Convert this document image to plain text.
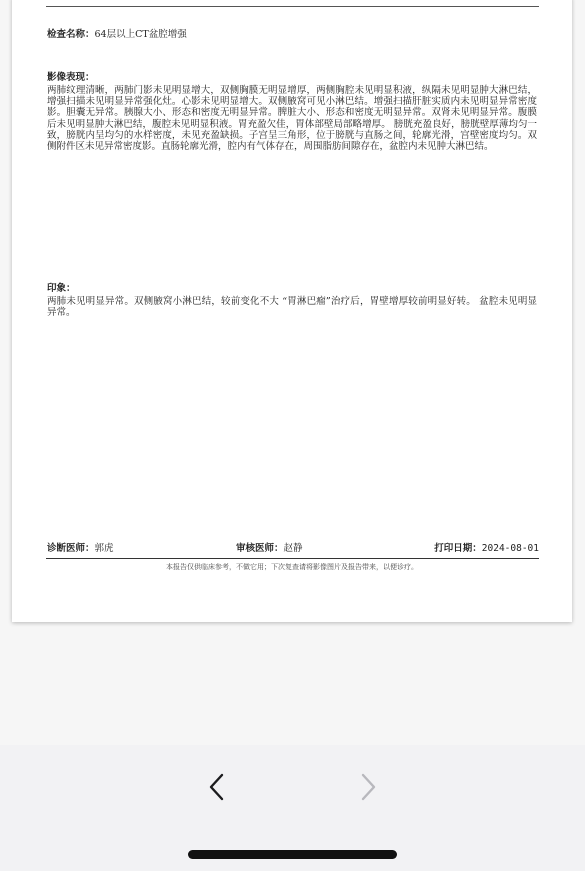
检查名称：64层以上CT盆腔增强
影像表现：
两肺纹理清晰，两肺门影未见明显增大，双侧胸膜无明显增厚，两侧胸腔未见明显积液，纵隔未见明显肿大淋巴结，增强扫描未见明显异常强化灶。心影未见明显增大。双侧腋窝可见小淋巴结。增强扫描肝脏实质内未见明显异常密度影。胆囊无异常。胰腺大小、形态和密度无明显异常。脾脏大小、形态和密度无明显异常。双肾未见明显异常。腹膜后未见明显肿大淋巴结，腹腔未见明显积液。胃充盈欠佳，胃体部壁局部略增厚。 膀胱充盈良好，膀胱壁厚薄均匀一致，膀胱内呈均匀的水样密度，未见充盈缺损。子宫呈三角形，位于膀胱与直肠之间，轮廓光滑，宫壁密度均匀。双侧附件区未见异常密度影。直肠轮廓光滑，腔内有气体存在，周围脂肪间隙存在，盆腔内未见肿大淋巴结。
印象：
两肺未见明显异常。双侧腋窝小淋巴结，较前变化不大 “胃淋巴瘤”治疗后，胃壁增厚较前明显好转。 盆腔未见明显异常。
诊断医师：郭虎	审核医师：赵静	打印日期：2024-08-01
本报告仅供临床参考，不做它用；下次复查请将影像图片及报告带来，以便诊疗。
